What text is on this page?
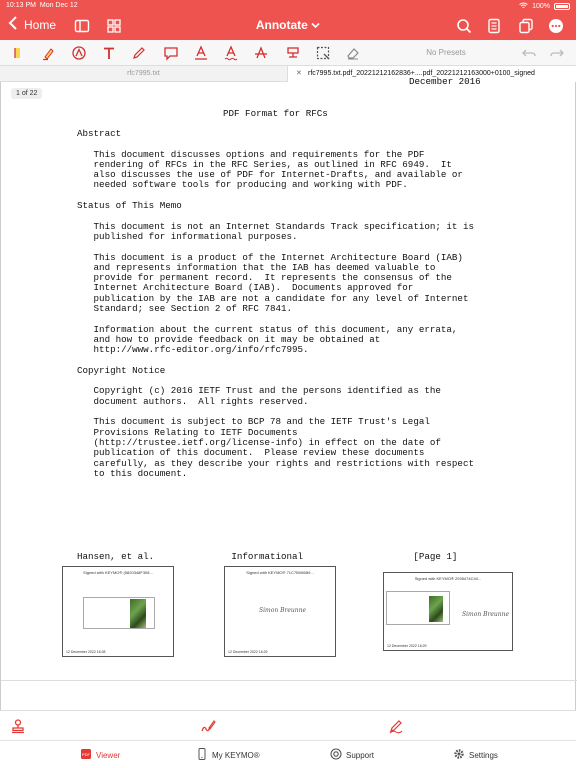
10:13 PM Mon Dec 12	100%
Home	Annotate
No Presets
rfc7995.txt	✕ rfc7995.txt.pdf_20221212162836+....pdf_20221212163000+0100_signed
December 2016
1 of 22
PDF Format for RFCs
Abstract

This document discusses options and requirements for the PDF
rendering of RFCs in the RFC Series, as outlined in RFC 6949.  It
also discusses the use of PDF for Internet-Drafts, and available or
needed software tools for producing and working with PDF.

Status of This Memo

This document is not an Internet Standards Track specification; it is
published for informational purposes.

This document is a product of the Internet Architecture Board (IAB)
and represents information that the IAB has deemed valuable to
provide for permanent record.  It represents the consensus of the
Internet Architecture Board (IAB).  Documents approved for
publication by the IAB are not a candidate for any level of Internet
Standard; see Section 2 of RFC 7841.

Information about the current status of this document, any errata,
and how to provide feedback on it may be obtained at
http://www.rfc-editor.org/info/rfc7995.

Copyright Notice

Copyright (c) 2016 IETF Trust and the persons identified as the
document authors.  All rights reserved.

This document is subject to BCP 78 and the IETF Trust's Legal
Provisions Relating to IETF Documents
(http://trustee.ietf.org/license-info) in effect on the date of
publication of this document.  Please review these documents
carefully, as they describe your rights and restrictions with respect
to this document.
Hansen, et al.              Informational                    [Page 1]
Signed with KEYMO® (5820348F308...
12 December 2022 16:28
Signed with KEYMO® 71C7B006B9...
Simon Breunne
12 December 2022 16:29
Signed with KEYMO® 2935474C40...
Simon Breunne
12 December 2022 16:29
PDF Viewer	My KEYMO®	Support	Settings
